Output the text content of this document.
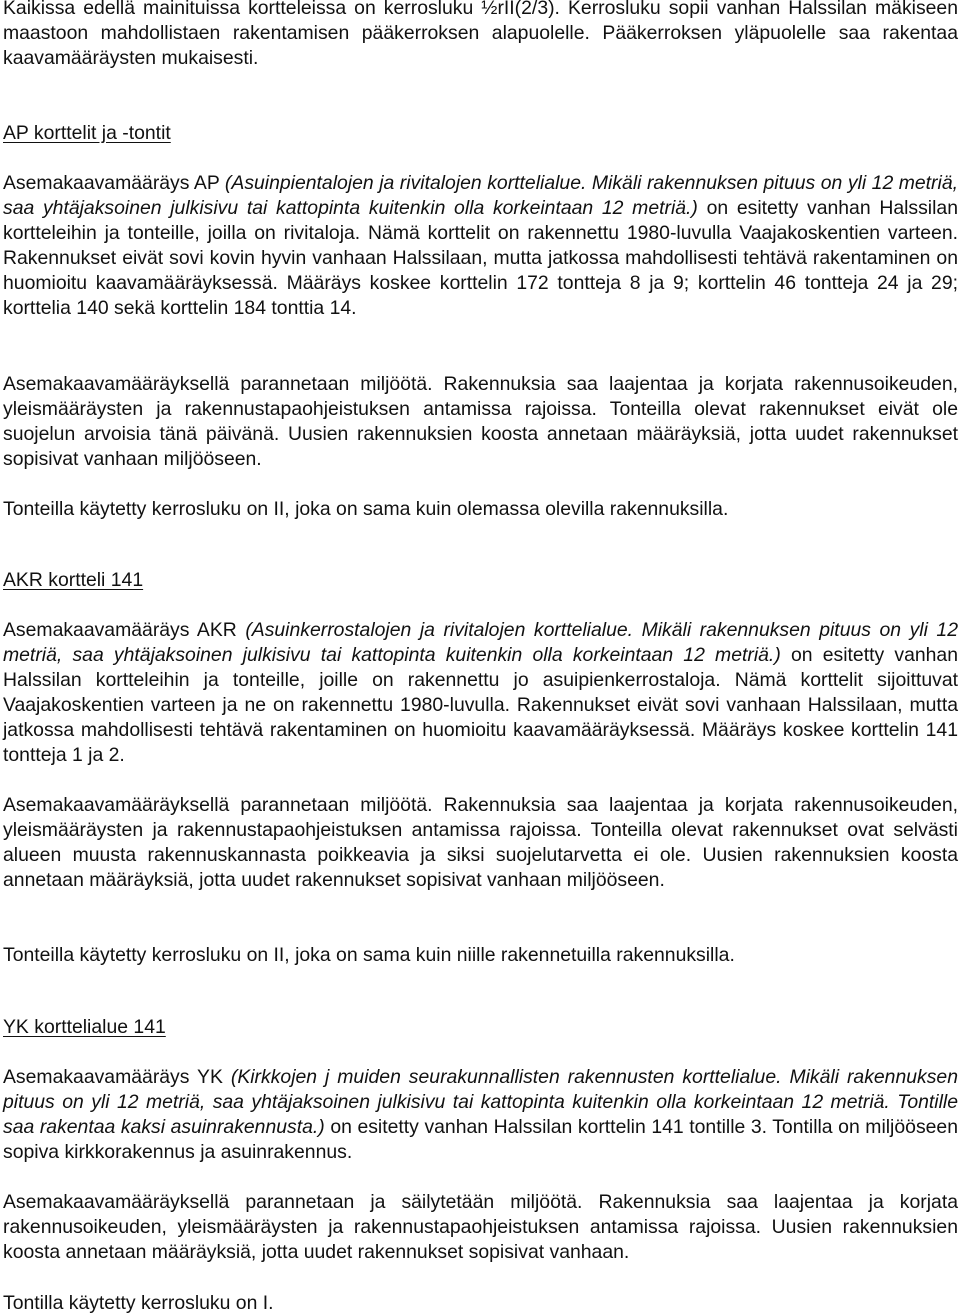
Kaikissa edellä mainituissa kortteleissa on kerrosluku ½rII(2/3). Kerrosluku sopii vanhan Halssilan mäkiseen maastoon mahdollistaen rakentamisen pääkerroksen alapuolelle. Pääkerroksen yläpuolelle saa rakentaa kaavamääräysten mukaisesti.

AP korttelit ja -tontit

Asemakaavamääräys AP (Asuinpientalojen ja rivitalojen korttelialue. Mikäli rakennuksen pituus on yli 12 metriä, saa yhtäjaksoinen julkisivu tai kattopinta kuitenkin olla korkeintaan 12 metriä.) on esitetty vanhan Halssilan kortteleihin ja tonteille, joilla on rivitaloja. Nämä korttelit on rakennettu 1980-luvulla Vaajakoskentien varteen. Rakennukset eivät sovi kovin hyvin vanhaan Halssilaan, mutta jatkossa mahdollisesti tehtävä rakentaminen on huomioitu kaavamääräyksessä. Määräys koskee korttelin 172 tontteja 8 ja 9; korttelin 46 tontteja 24 ja 29; korttelia 140 sekä korttelin 184 tonttia 14.

Asemakaavamääräyksellä parannetaan miljöötä. Rakennuksia saa laajentaa ja korjata rakennusoikeuden, yleismääräysten ja rakennustapaohjeistuksen antamissa rajoissa. Tonteilla olevat rakennukset eivät ole suojelun arvoisia tänä päivänä. Uusien rakennuksien koosta annetaan määräyksiä, jotta uudet rakennukset sopisivat vanhaan miljööseen.

Tonteilla käytetty kerrosluku on II, joka on sama kuin olemassa olevilla rakennuksilla.

AKR kortteli 141

Asemakaavamääräys AKR (Asuinkerrostalojen ja rivitalojen korttelialue. Mikäli rakennuksen pituus on yli 12 metriä, saa yhtäjaksoinen julkisivu tai kattopinta kuitenkin olla korkeintaan 12 metriä.) on esitetty vanhan Halssilan kortteleihin ja tonteille, joille on rakennettu jo asuipienkerrostaloja. Nämä korttelit sijoittuvat Vaajakoskentien varteen ja ne on rakennettu 1980-luvulla. Rakennukset eivät sovi vanhaan Halssilaan, mutta jatkossa mahdollisesti tehtävä rakentaminen on huomioitu kaavamääräyksessä. Määräys koskee korttelin 141 tontteja 1 ja 2.

Asemakaavamääräyksellä parannetaan miljöötä. Rakennuksia saa laajentaa ja korjata rakennusoikeuden, yleismääräysten ja rakennustapaohjeistuksen antamissa rajoissa. Tonteilla olevat rakennukset ovat selvästi alueen muusta rakennuskannasta poikkeavia ja siksi suojelutarvetta ei ole. Uusien rakennuksien koosta annetaan määräyksiä, jotta uudet rakennukset sopisivat vanhaan miljööseen.

Tonteilla käytetty kerrosluku on II, joka on sama kuin niille rakennetuilla rakennuksilla.

YK korttelialue 141

Asemakaavamääräys YK (Kirkkojen j muiden seurakunnallisten rakennusten korttelialue. Mikäli rakennuksen pituus on yli 12 metriä, saa yhtäjaksoinen julkisivu tai kattopinta kuitenkin olla korkeintaan 12 metriä. Tontille saa rakentaa kaksi asuinrakennusta.) on esitetty vanhan Halssilan korttelin 141 tontille 3. Tontilla on miljööseen sopiva kirkkorakennus ja asuinrakennus.

Asemakaavamääräyksellä parannetaan ja säilytetään miljöötä. Rakennuksia saa laajentaa ja korjata rakennusoikeuden, yleismääräysten ja rakennustapaohjeistuksen antamissa rajoissa. Uusien rakennuksien koosta annetaan määräyksiä, jotta uudet rakennukset sopisivat vanhaan.

Tontilla käytetty kerrosluku on I.
